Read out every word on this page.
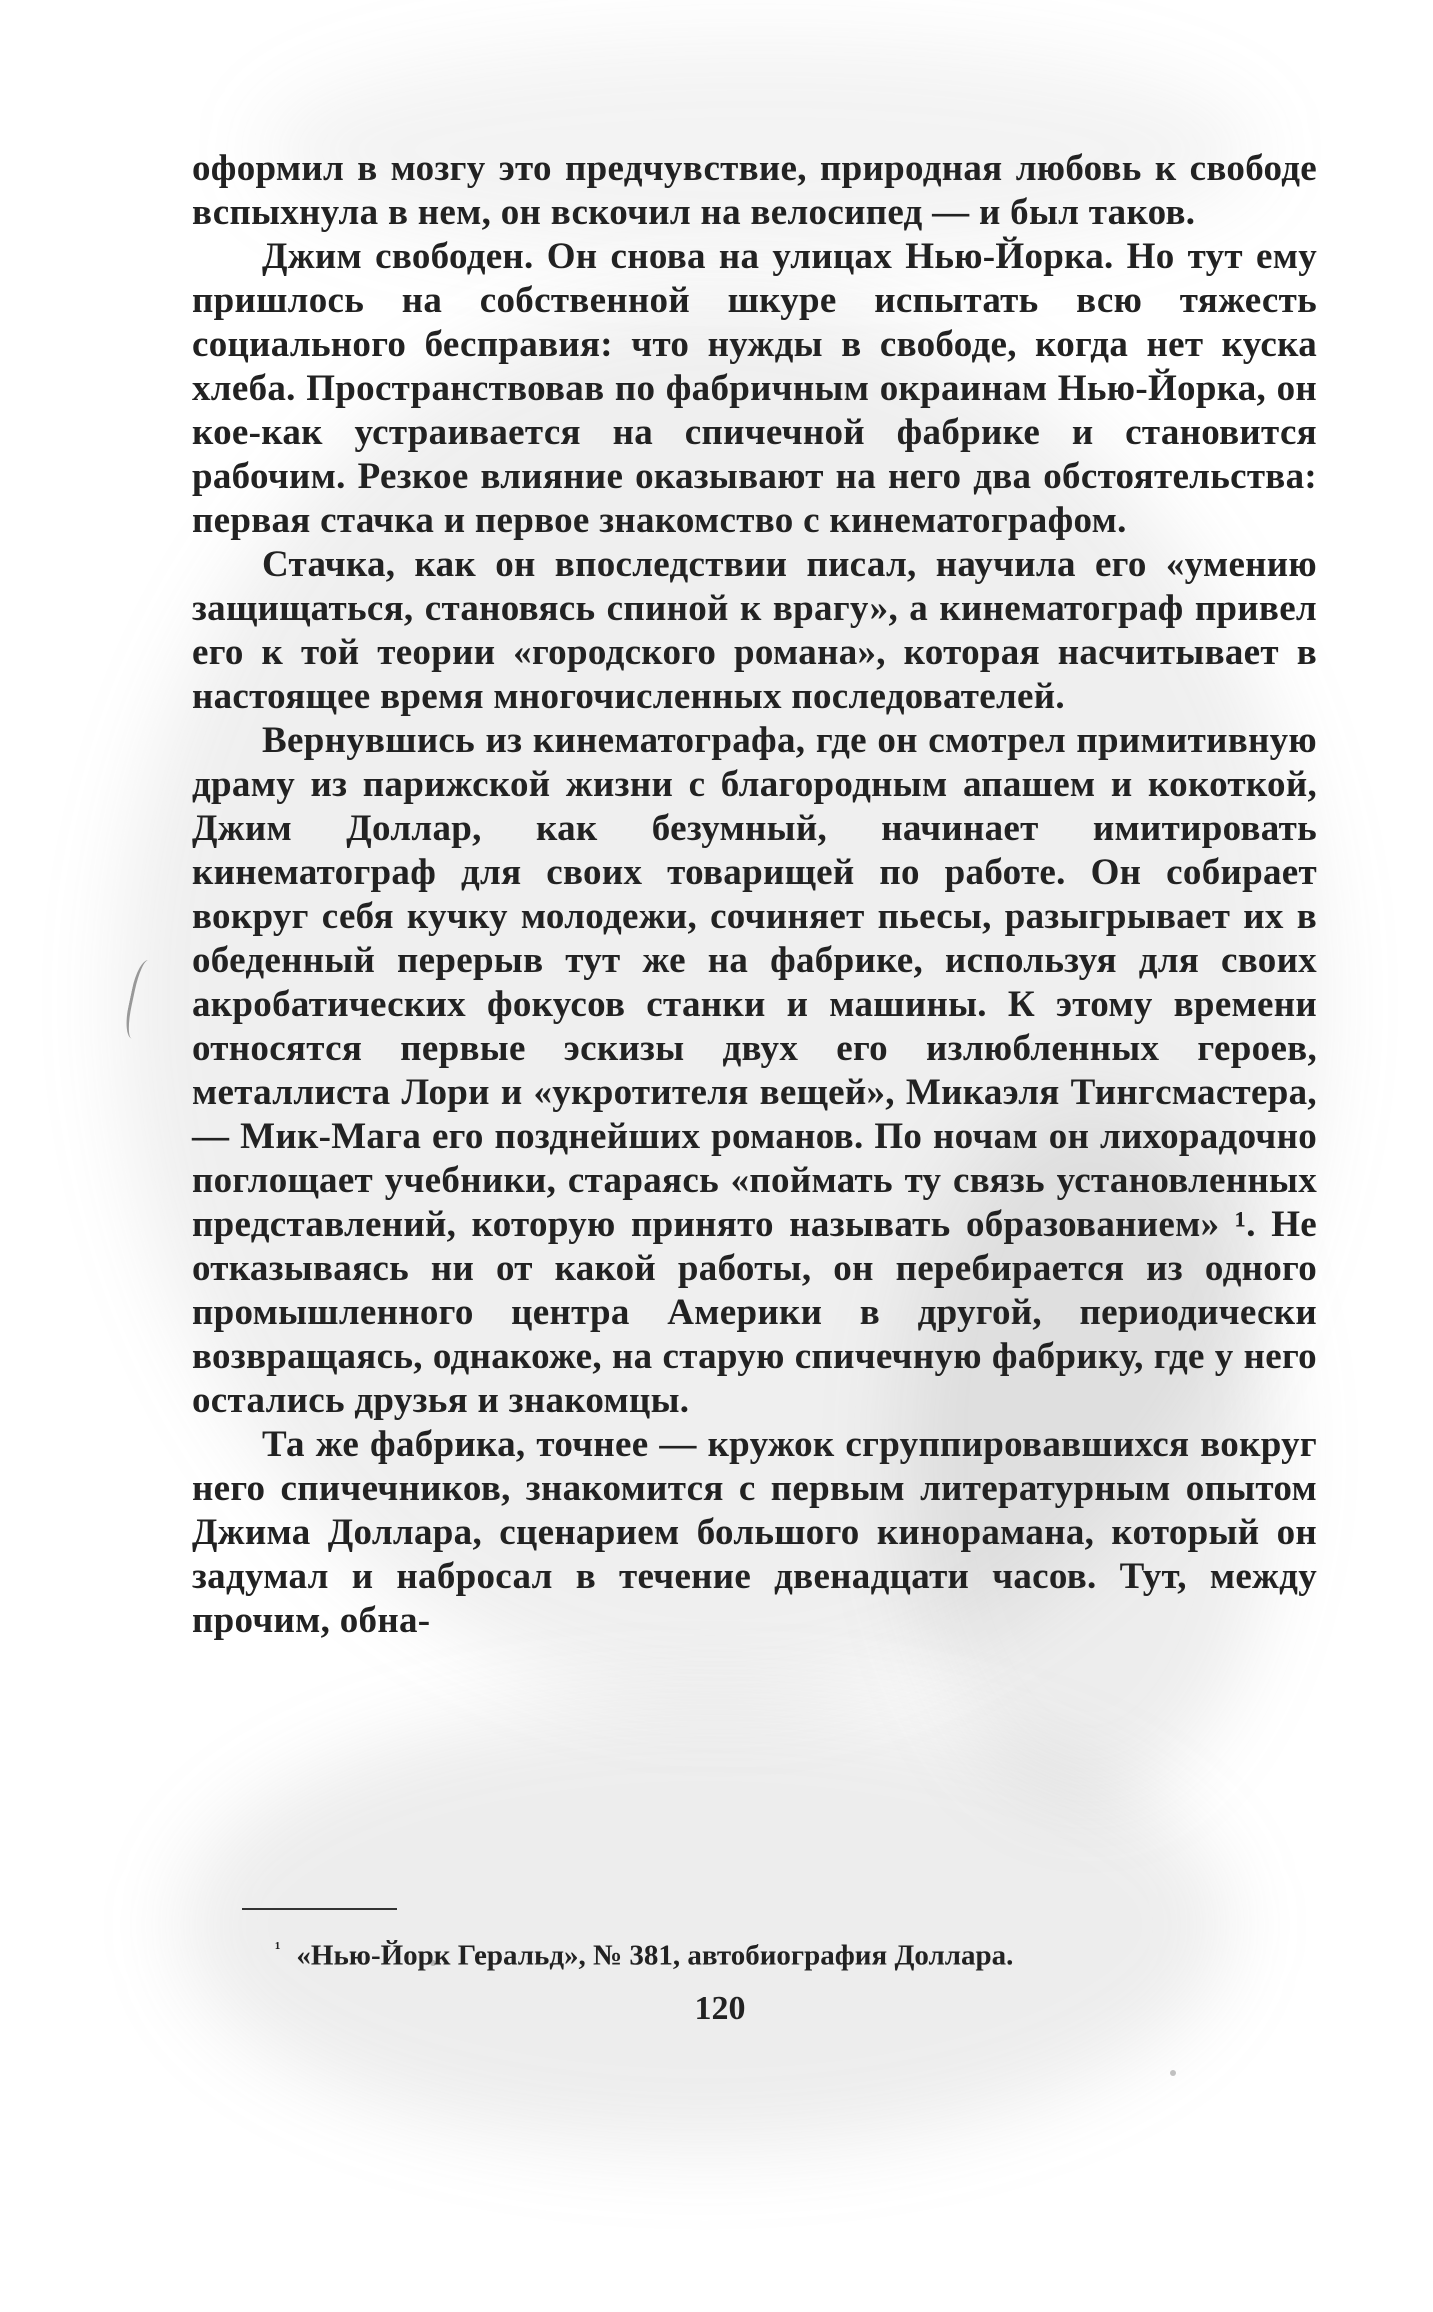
оформил в мозгу это предчувствие, природная любовь к свободе вспыхнула в нем, он вскочил на велосипед — и был таков.

Джим свободен. Он снова на улицах Нью-Йорка. Но тут ему пришлось на собственной шкуре испытать всю тяжесть социального бесправия: что нужды в свободе, когда нет куска хлеба. Пространствовав по фабричным окраинам Нью-Йорка, он кое-как устраивается на спичечной фабрике и становится рабочим. Резкое влияние оказывают на него два обстоятельства: первая стачка и первое знакомство с кинематографом.

Стачка, как он впоследствии писал, научила его «умению защищаться, становясь спиной к врагу», а кинематограф привел его к той теории «городского романа», которая насчитывает в настоящее время многочисленных последователей.

Вернувшись из кинематографа, где он смотрел примитивную драму из парижской жизни с благородным апашем и кокоткой, Джим Доллар, как безумный, начинает имитировать кинематограф для своих товарищей по работе. Он собирает вокруг себя кучку молодежи, сочиняет пьесы, разыгрывает их в обеденный перерыв тут же на фабрике, используя для своих акробатических фокусов станки и машины. К этому времени относятся первые эскизы двух его излюбленных героев, металлиста Лори и «укротителя вещей», Микаэля Тингсмастера,— Мик-Мага его позднейших романов. По ночам он лихорадочно поглощает учебники, стараясь «поймать ту связь установленных представлений, которую принято называть образованием» ¹. Не отказываясь ни от какой работы, он перебирается из одного промышленного центра Америки в другой, периодически возвращаясь, однакоже, на старую спичечную фабрику, где у него остались друзья и знакомцы.

Та же фабрика, точнее — кружок сгруппировавшихся вокруг него спичечников, знакомится с первым литературным опытом Джима Доллара, сценарием большого кинорамана, который он задумал и набросал в течение двенадцати часов. Тут, между прочим, обна-

$^{^1}$ «Нью-Йорк Геральд», № 381, автобиография Доллара.
120
